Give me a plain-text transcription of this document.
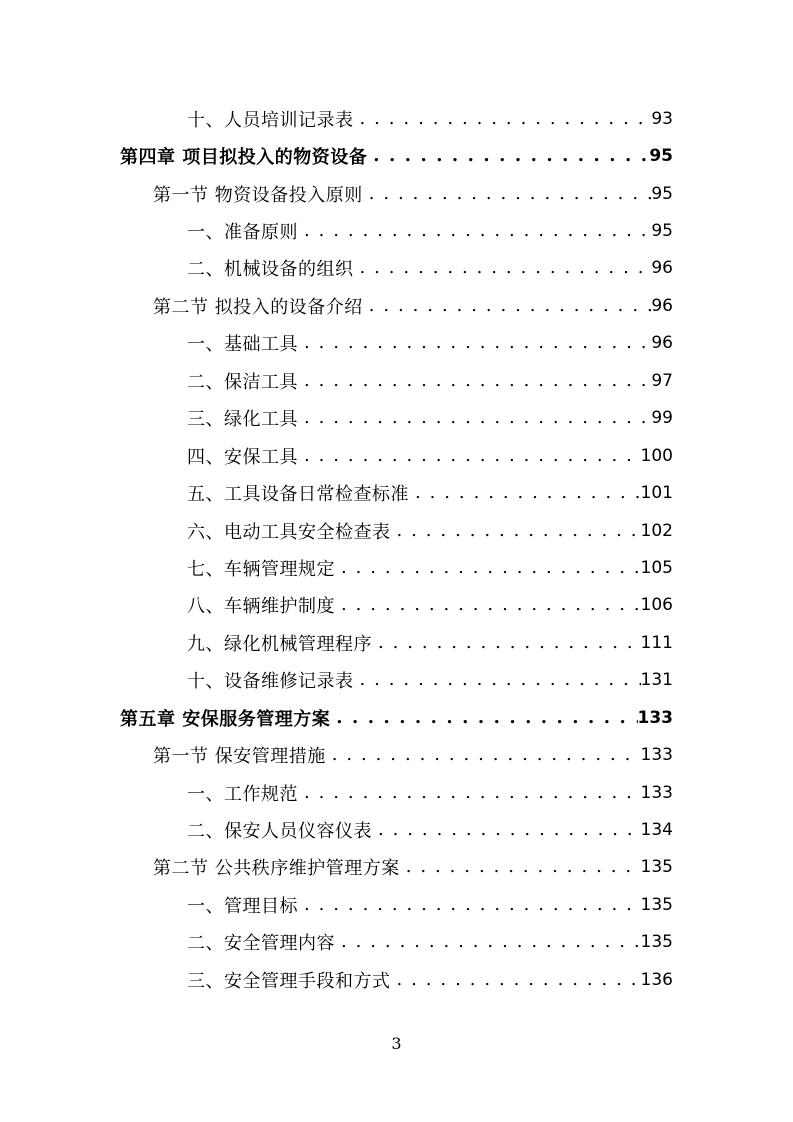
十、人员培训记录表 . . .	93
第四章 项目拟投入的物资设备 . . .	95
第一节 物资设备投入原则 . . .	95
一、准备原则 . . .	95
二、机械设备的组织 . . .	96
第二节 拟投入的设备介绍 . . .	96
一、基础工具 . . .	96
二、保洁工具 . . .	97
三、绿化工具 . . .	99
四、安保工具 . . .	100
五、工具设备日常检查标准 . . .	101
六、电动工具安全检查表 . . .	102
七、车辆管理规定 . . .	105
八、车辆维护制度 . . .	106
九、绿化机械管理程序 . . .	111
十、设备维修记录表 . . .	131
第五章 安保服务管理方案 . . .	133
第一节 保安管理措施 . . .	133
一、工作规范 . . .	133
二、保安人员仪容仪表 . . .	134
第二节 公共秩序维护管理方案 . . .	135
一、管理目标 . . .	135
二、安全管理内容 . . .	135
三、安全管理手段和方式 . . .	136
3
